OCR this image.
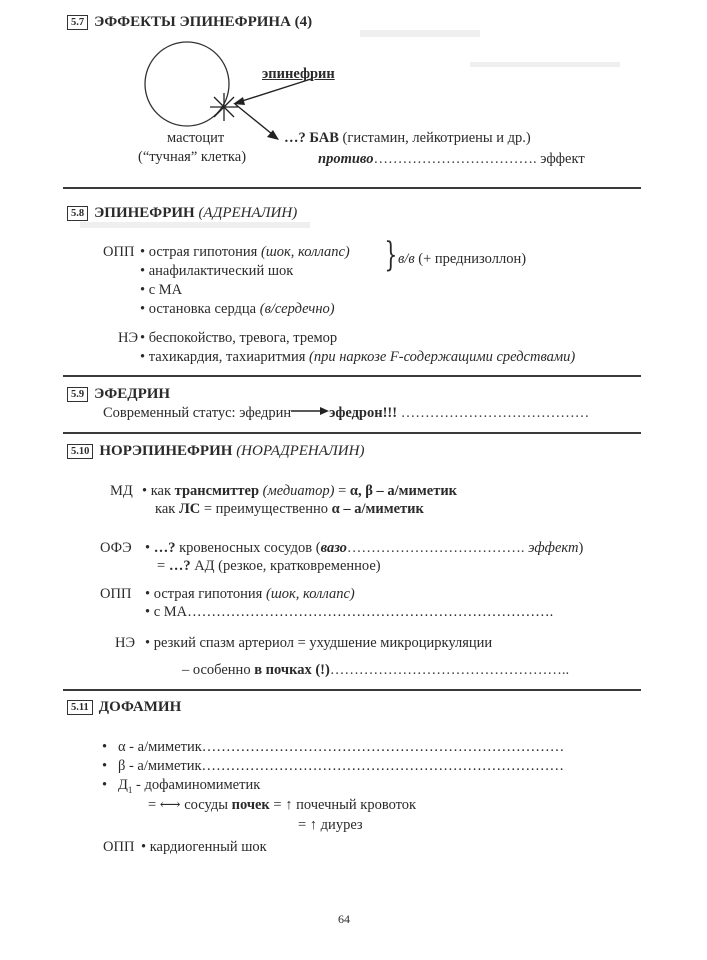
5.7 ЭФФЕКТЫ ЭПИНЕФРИНА (4)
эпинефрин
мастоцит
(“тучная” клетка)
…? БАВ (гистамин, лейкотриены и др.)
противо……………………………. эффект
5.8 ЭПИНЕФРИН (АДРЕНАЛИН)
ОПП • острая гипотония (шок, коллапс)
• анафилактический шок
• с МА
• остановка сердца (в/сердечно)
} в/в (+ преднизоллон)
НЭ • беспокойство, тревога, тремор
• тахикардия, тахиаритмия (при наркозе F-содержащими средствами)
5.9 ЭФЕДРИН
Современный статус: эфедрин	эфедрон!!! …………………………………
5.10 НОРЭПИНЕФРИН (НОРАДРЕНАЛИН)
МД • как трансмиттер (медиатор) = α, β – а/миметик
как ЛС = преимущественно α – а/миметик
ОФЭ • …? кровеносных сосудов (вазо………………………………. эффект)
= …? АД (резкое, кратковременное)
ОПП • острая гипотония (шок, коллапс)
• с МА………………………………………………………………….
НЭ • резкий спазм артериол = ухудшение микроциркуляции
– особенно в почках (!)…………………………………………..
5.11 ДОФАМИН
•   α - а/миметик…………………………………………………………………
•   β - а/миметик…………………………………………………………………
•   $Д_1$ - дофаминомиметик
= ⟷ сосуды почек = ↑ почечный кровоток
= ↑ диурез
ОПП • кардиогенный шок
64
